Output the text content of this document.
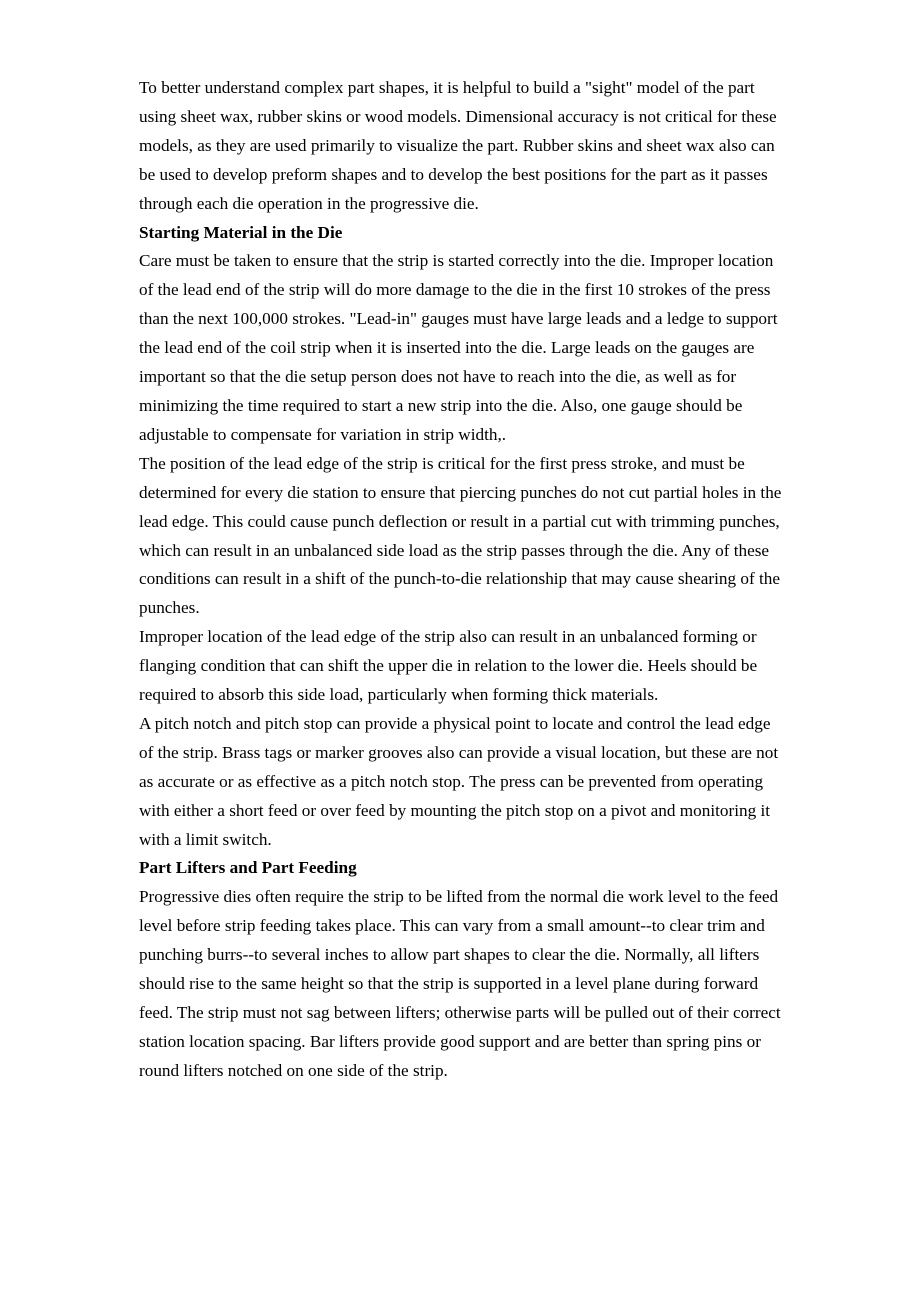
To better understand complex part shapes, it is helpful to build a "sight" model of the part using sheet wax, rubber skins or wood models. Dimensional accuracy is not critical for these models, as they are used primarily to visualize the part. Rubber skins and sheet wax also can be used to develop preform shapes and to develop the best positions for the part as it passes through each die operation in the progressive die.

Starting Material in the Die

Care must be taken to ensure that the strip is started correctly into the die. Improper location of the lead end of the strip will do more damage to the die in the first 10 strokes of the press than the next 100,000 strokes. "Lead-in" gauges must have large leads and a ledge to support the lead end of the coil strip when it is inserted into the die. Large leads on the gauges are important so that the die setup person does not have to reach into the die, as well as for minimizing the time required to start a new strip into the die. Also, one gauge should be adjustable to compensate for variation in strip width,.

The position of the lead edge of the strip is critical for the first press stroke, and must be determined for every die station to ensure that piercing punches do not cut partial holes in the lead edge. This could cause punch deflection or result in a partial cut with trimming punches, which can result in an unbalanced side load as the strip passes through the die. Any of these conditions can result in a shift of the punch-to-die relationship that may cause shearing of the punches.

Improper location of the lead edge of the strip also can result in an unbalanced forming or flanging condition that can shift the upper die in relation to the lower die. Heels should be required to absorb this side load, particularly when forming thick materials.

A pitch notch and pitch stop can provide a physical point to locate and control the lead edge of the strip. Brass tags or marker grooves also can provide a visual location, but these are not as accurate or as effective as a pitch notch stop. The press can be prevented from operating with either a short feed or over feed by mounting the pitch stop on a pivot and monitoring it with a limit switch.

Part Lifters and Part Feeding

Progressive dies often require the strip to be lifted from the normal die work level to the feed level before strip feeding takes place. This can vary from a small amount--to clear trim and punching burrs--to several inches to allow part shapes to clear the die. Normally, all lifters should rise to the same height so that the strip is supported in a level plane during forward feed. The strip must not sag between lifters; otherwise parts will be pulled out of their correct station location spacing. Bar lifters provide good support and are better than spring pins or round lifters notched on one side of the strip.
